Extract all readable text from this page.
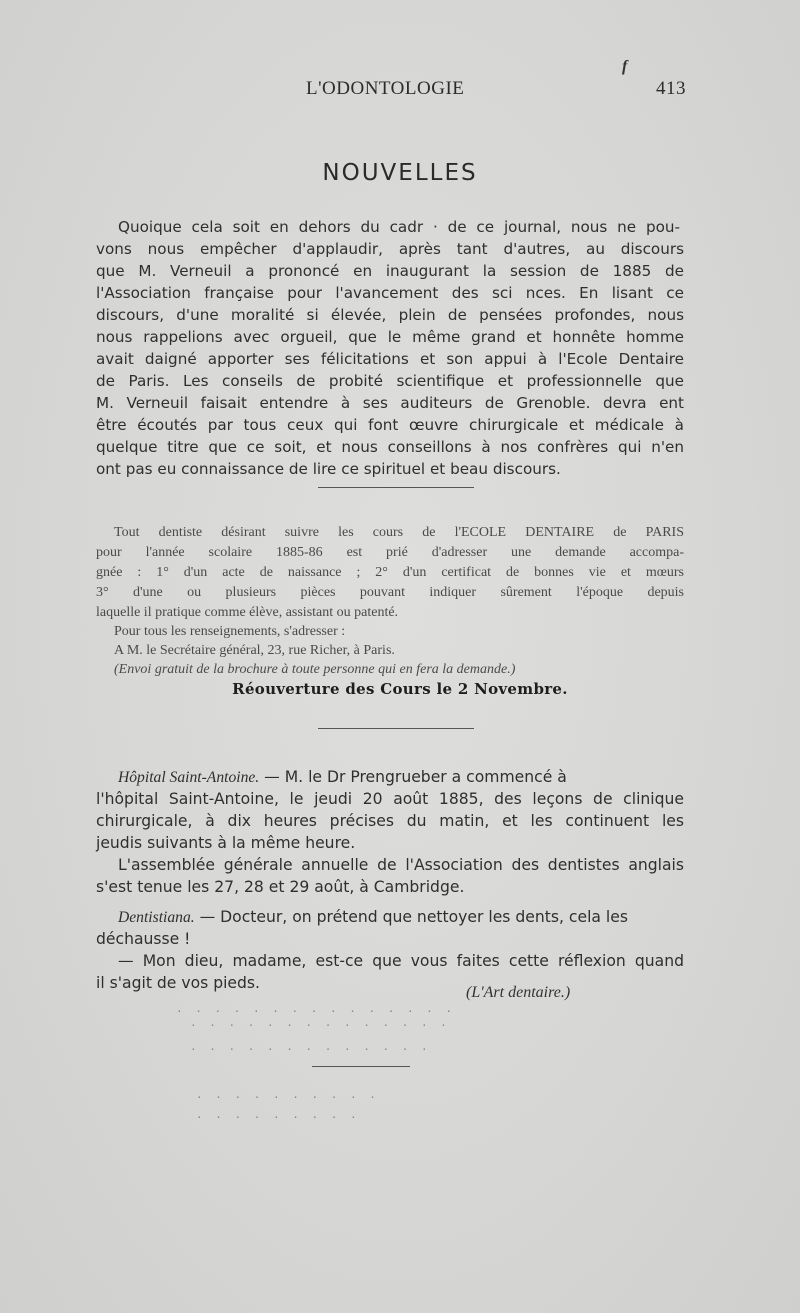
L'ODONTOLOGIE
f
413
NOUVELLES
Quoique cela soit en dehors du cadr · de ce journal, nous ne pou-
vons nous empêcher d'applaudir, après tant d'autres, au discours
que M. Verneuil a prononcé en inaugurant la session de 1885 de
l'Association française pour l'avancement des sci nces. En lisant ce
discours, d'une moralité si élevée, plein de pensées profondes, nous
nous rappelions avec orgueil, que le même grand et honnête homme
avait daigné apporter ses félicitations et son appui à l'Ecole Dentaire
de Paris. Les conseils de probité scientifique et professionnelle que
M. Verneuil faisait entendre à ses auditeurs de Grenoble. devra ent
être écoutés par tous ceux qui font œuvre chirurgicale et médicale à
quelque titre que ce soit, et nous conseillons à nos confrères qui n'en
ont pas eu connaissance de lire ce spirituel et beau discours.
Tout dentiste désirant suivre les cours de l'ECOLE DENTAIRE de PARIS
pour l'année scolaire 1885-86 est prié d'adresser une demande accompa-
gnée : 1° d'un acte de naissance ; 2° d'un certificat de bonnes vie et mœurs
3° d'une ou plusieurs pièces pouvant indiquer sûrement l'époque depuis
laquelle il pratique comme élève, assistant ou patenté.
Pour tous les renseignements, s'adresser :
A M. le Secrétaire général, 23, rue Richer, à Paris.
(Envoi gratuit de la brochure à toute personne qui en fera la demande.)
Réouverture des Cours le 2 Novembre.
Hôpital Saint-Antoine. — M. le Dr Prengrueber a commencé à
l'hôpital Saint-Antoine, le jeudi 20 août 1885, des leçons de clinique
chirurgicale, à dix heures précises du matin, et les continuent les
jeudis suivants à la même heure.
L'assemblée générale annuelle de l'Association des dentistes anglais
s'est tenue les 27, 28 et 29 août, à Cambridge.
Dentistiana. — Docteur, on prétend que nettoyer les dents, cela les
déchausse !
— Mon dieu, madame, est-ce que vous faites cette réflexion quand
il s'agit de vos pieds.
(L'Art dentaire.)
. . . . . . . . . . . . . . .
. . . . . . . . . . . . . .
. . . . . . . . . . . . .
. . . . . . . . . .
. . . . . . . . .
